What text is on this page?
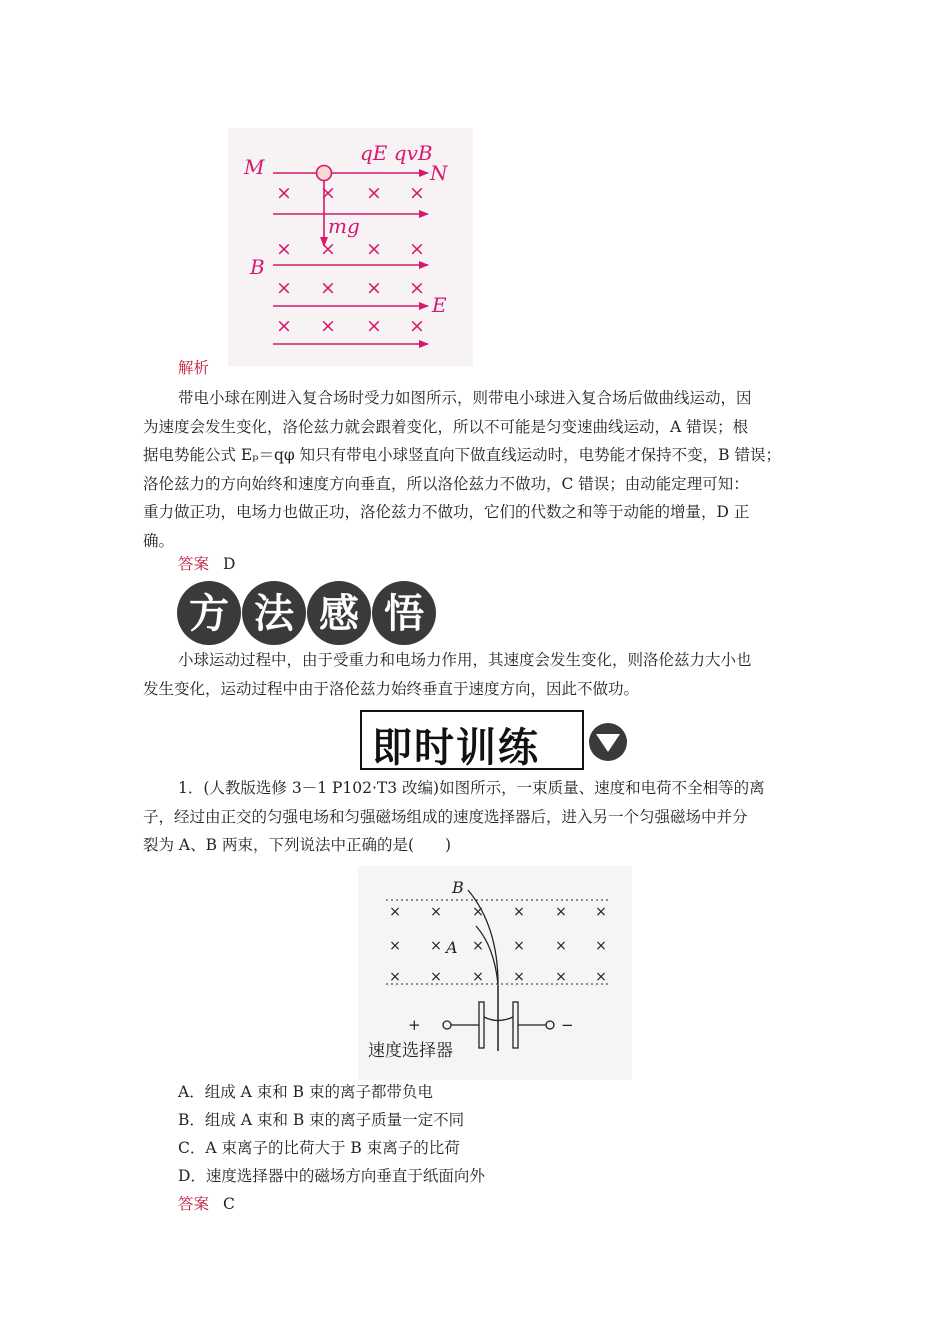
× × × ×
× × × ×
× × × ×
× × × ×
M	N
B
E
qE qvB
mg
解析

带电小球在刚进入复合场时受力如图所示，则带电小球进入复合场后做曲线运动，因

为速度会发生变化，洛伦兹力就会跟着变化，所以不可能是匀变速曲线运动，A 错误；根
据电势能公式 Eₚ＝qφ 知只有带电小球竖直向下做直线运动时，电势能才保持不变，B 错误；
洛伦兹力的方向始终和速度方向垂直，所以洛伦兹力不做功，C 错误；由动能定理可知：
重力做正功，电场力也做正功，洛伦兹力不做功，它们的代数之和等于动能的增量，D 正
确。
答案 D
方 法 感 悟

小球运动过程中，由于受重力和电场力作用，其速度会发生变化，则洛伦兹力大小也

发生变化，运动过程中由于洛伦兹力始终垂直于速度方向，因此不做功。
即时训练

1．(人教版选修 3－1 P102·T3 改编)如图所示，一束质量、速度和电荷不全相等的离

子，经过由正交的匀强电场和匀强磁场组成的速度选择器后，进入另一个匀强磁场中并分
裂为 A、B 两束，下列说法中正确的是(　　)
× × × × × ×
× × × × × ×
× × × × × ×
B
A
+	−
速度选择器
A．组成 A 束和 B 束的离子都带负电
B．组成 A 束和 B 束的离子质量一定不同
C．A 束离子的比荷大于 B 束离子的比荷
D．速度选择器中的磁场方向垂直于纸面向外
答案 C
